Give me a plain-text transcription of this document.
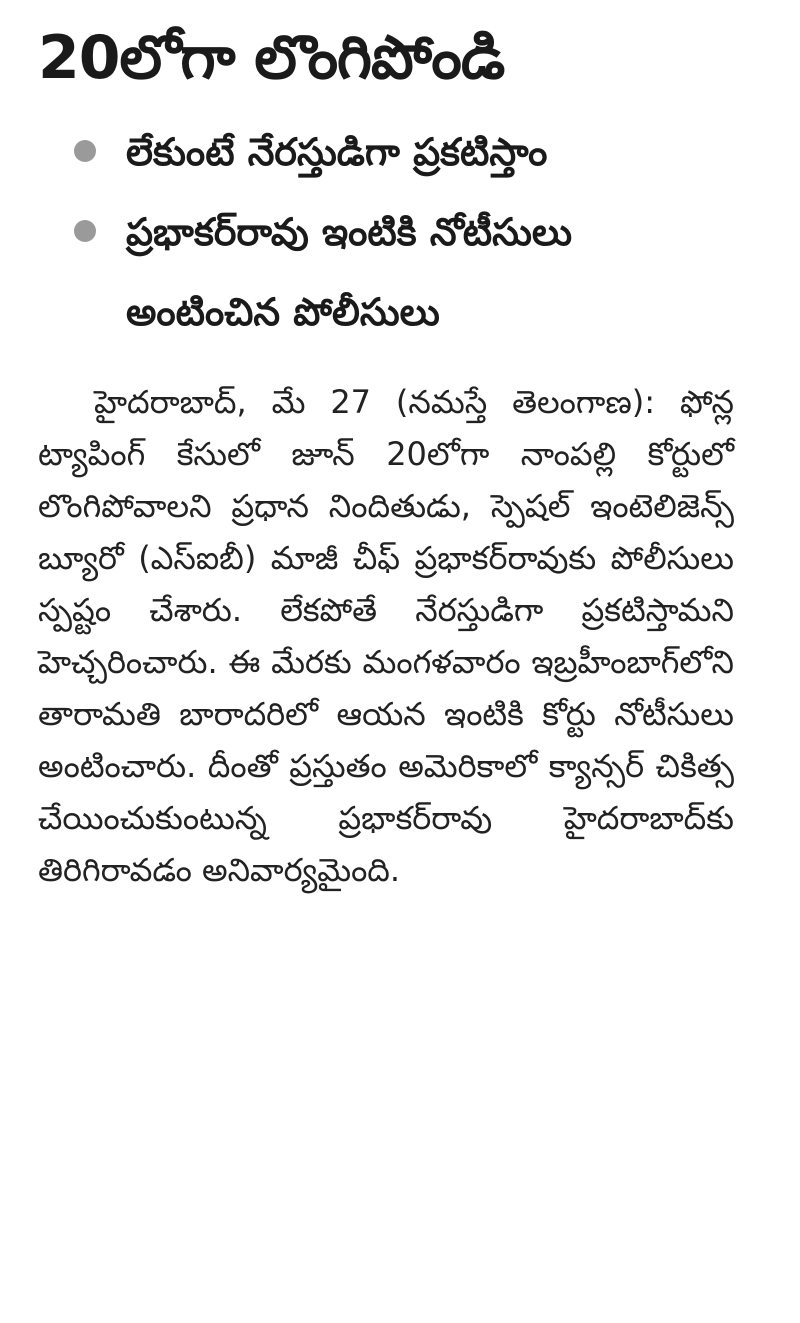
20లోగా లొంగిపోండి
లేకుంటే నేరస్తుడిగా ప్రకటిస్తాం
ప్రభాకర్‌రావు ఇంటికి నోటీసులు అంటించిన పోలీసులు

హైదరాబాద్, మే 27 (నమస్తే తెలంగాణ): ఫోన్ల ట్యాపింగ్ కేసులో జూన్ 20లోగా నాంపల్లి కోర్టులో లొంగిపోవాలని ప్రధాన నిందితుడు, స్పెషల్ ఇంటెలిజెన్స్ బ్యూరో (ఎస్‌ఐబీ) మాజీ చీఫ్ ప్రభాకర్‌రావుకు పోలీసులు స్పష్టం చేశారు. లేకపోతే నేరస్తుడిగా ప్రకటిస్తామని హెచ్చరించారు. ఈ మేరకు మంగళవారం ఇబ్రహీంబాగ్‌లోని తారామతి బారాదరిలో ఆయన ఇంటికి కోర్టు నోటీసులు అంటించారు. దీంతో ప్రస్తుతం అమెరికాలో క్యాన్సర్ చికిత్స చేయించుకుంటున్న ప్రభాకర్‌రావు హైదరాబాద్‌కు తిరిగిరావడం అనివార్యమైంది.
